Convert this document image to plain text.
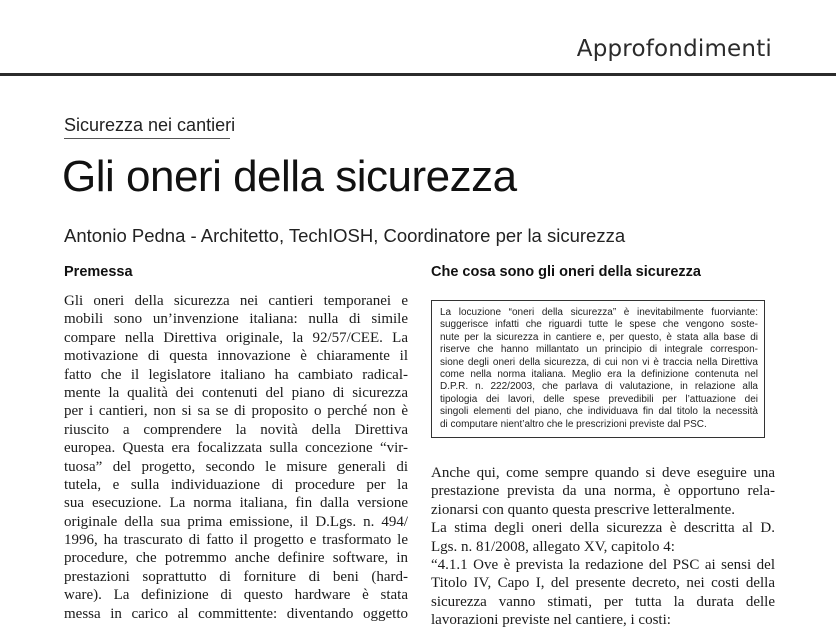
Approfondimenti
Sicurezza nei cantieri
Gli oneri della sicurezza
Antonio Pedna - Architetto, TechIOSH, Coordinatore per la sicurezza
Premessa
Gli oneri della sicurezza nei cantieri temporanei e
mobili sono un’invenzione italiana: nulla di simile
compare nella Direttiva originale, la 92/57/CEE. La
motivazione di questa innovazione è chiaramente il
fatto che il legislatore italiano ha cambiato radical-
mente la qualità dei contenuti del piano di sicurezza
per i cantieri, non si sa se di proposito o perché non è
riuscito a comprendere la novità della Direttiva
europea. Questa era focalizzata sulla concezione “vir-
tuosa” del progetto, secondo le misure generali di
tutela, e sulla individuazione di procedure per la
sua esecuzione. La norma italiana, fin dalla versione
originale della sua prima emissione, il D.Lgs. n. 494/
1996, ha trascurato di fatto il progetto e trasformato le
procedure, che potremmo anche definire software, in
prestazioni soprattutto di forniture di beni (hard-
ware). La definizione di questo hardware è stata
messa in carico al committente: diventando oggetto
Che cosa sono gli oneri della sicurezza
La locuzione “oneri della sicurezza” è inevitabilmente fuorviante:
suggerisce infatti che riguardi tutte le spese che vengono soste-
nute per la sicurezza in cantiere e, per questo, è stata alla base di
riserve che hanno millantato un principio di integrale correspon-
sione degli oneri della sicurezza, di cui non vi è traccia nella Direttiva
come nella norma italiana. Meglio era la definizione contenuta nel
D.P.R. n. 222/2003, che parlava di valutazione, in relazione alla
tipologia dei lavori, delle spese prevedibili per l’attuazione dei
singoli elementi del piano, che individuava fin dal titolo la necessità
di computare nient’altro che le prescrizioni previste dal PSC.
Anche qui, come sempre quando si deve eseguire una
prestazione prevista da una norma, è opportuno rela-
zionarsi con quanto questa prescrive letteralmente.
La stima degli oneri della sicurezza è descritta al D.
Lgs. n. 81/2008, allegato XV, capitolo 4:
“4.1.1 Ove è prevista la redazione del PSC ai sensi del
Titolo IV, Capo I, del presente decreto, nei costi della
sicurezza vanno stimati, per tutta la durata delle
lavorazioni previste nel cantiere, i costi:
